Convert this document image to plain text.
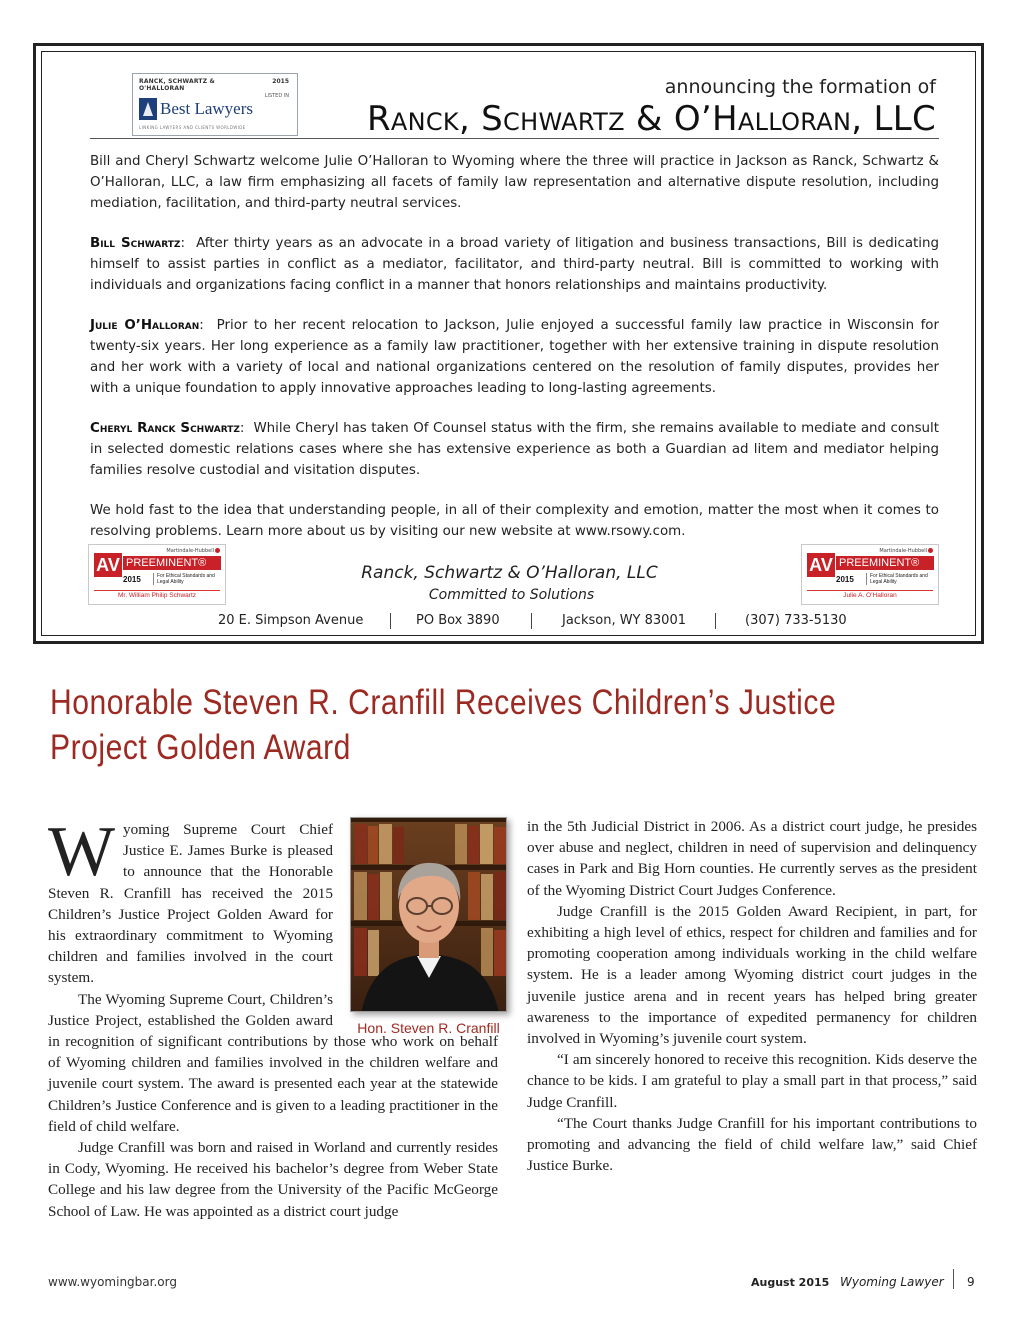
RANCK, SCHWARTZ & O'HALLORAN
2015
LISTED IN
Best Lawyers
LINKING LAWYERS AND CLIENTS WORLDWIDE
announcing the formation of
Ranck, Schwartz & O’Halloran, LLC

Bill and Cheryl Schwartz welcome Julie O’Halloran to Wyoming where the three will practice in Jackson as Ranck, Schwartz & O’Halloran, LLC, a law firm emphasizing all facets of family law representation and alternative dispute resolution, including mediation, facilitation, and third-party neutral services.

Bill Schwartz:  After thirty years as an advocate in a broad variety of litigation and business transactions, Bill is dedicating himself to assist parties in conflict as a mediator, facilitator, and third-party neutral. Bill is committed to working with individuals and organizations facing conflict in a manner that honors relationships and maintains productivity.

Julie O’Halloran:  Prior to her recent relocation to Jackson, Julie enjoyed a successful family law practice in Wisconsin for twenty-six years. Her long experience as a family law practitioner, together with her extensive training in dispute resolution and her work with a variety of local and national organizations centered on the resolution of family disputes, provides her with a unique foundation to apply innovative approaches leading to long-lasting agreements.

Cheryl Ranck Schwartz:  While Cheryl has taken Of Counsel status with the firm, she remains available to mediate and consult in selected domestic relations cases where she has extensive experience as both a Guardian ad litem and mediator helping families resolve custodial and visitation disputes.

We hold fast to the idea that understanding people, in all of their complexity and emotion, matter the most when it comes to resolving problems. Learn more about us by visiting our new website at www.rsowy.com.

Martindale-Hubbell
AV PREEMINENT®
2015	For Ethical Standards and Legal Ability
Mr. William Philip Schwartz
Martindale-Hubbell
AV PREEMINENT®
2015	For Ethical Standards and Legal Ability
Julie A. O’Halloran
Ranck, Schwartz & O’Halloran, LLC
Committed to Solutions
20 E. Simpson Avenue	PO Box 3890	Jackson, WY 83001	(307) 733-5130
Honorable Steven R. Cranfill Receives Children’s Justice Project Golden Award
Hon. Steven R. Cranfill

Wyoming Supreme Court Chief Justice E. James Burke is pleased to announce that the Honorable Steven R. Cranfill has received the 2015 Children’s Justice Project Golden Award for his extraordinary commitment to Wyoming children and families involved in the court system.

The Wyoming Supreme Court, Children’s Justice Project, established the Golden award in recognition of significant contributions by those who work on behalf of Wyoming children and families involved in the children welfare and juvenile court system. The award is presented each year at the statewide Children’s Justice Conference and is given to a leading practitioner in the field of child welfare.

Judge Cranfill was born and raised in Worland and currently resides in Cody, Wyoming. He received his bachelor’s degree from Weber State College and his law degree from the University of the Pacific McGeorge School of Law. He was appointed as a district court judge

in the 5th Judicial District in 2006. As a district court judge, he presides over abuse and neglect, children in need of supervision and delinquency cases in Park and Big Horn counties. He currently serves as the president of the Wyoming District Court Judges Conference.

Judge Cranfill is the 2015 Golden Award Recipient, in part, for exhibiting a high level of ethics, respect for children and families and for promoting cooperation among individuals working in the child welfare system. He is a leader among Wyoming district court judges in the juvenile justice arena and in recent years has helped bring greater awareness to the importance of expedited permanency for children involved in Wyoming’s juvenile court system.

“I am sincerely honored to receive this recognition. Kids deserve the chance to be kids. I am grateful to play a small part in that process,” said Judge Cranfill.

“The Court thanks Judge Cranfill for his important contributions to promoting and advancing the field of child welfare law,” said Chief Justice Burke.

www.wyomingbar.org	August 2015 Wyoming Lawyer 9
